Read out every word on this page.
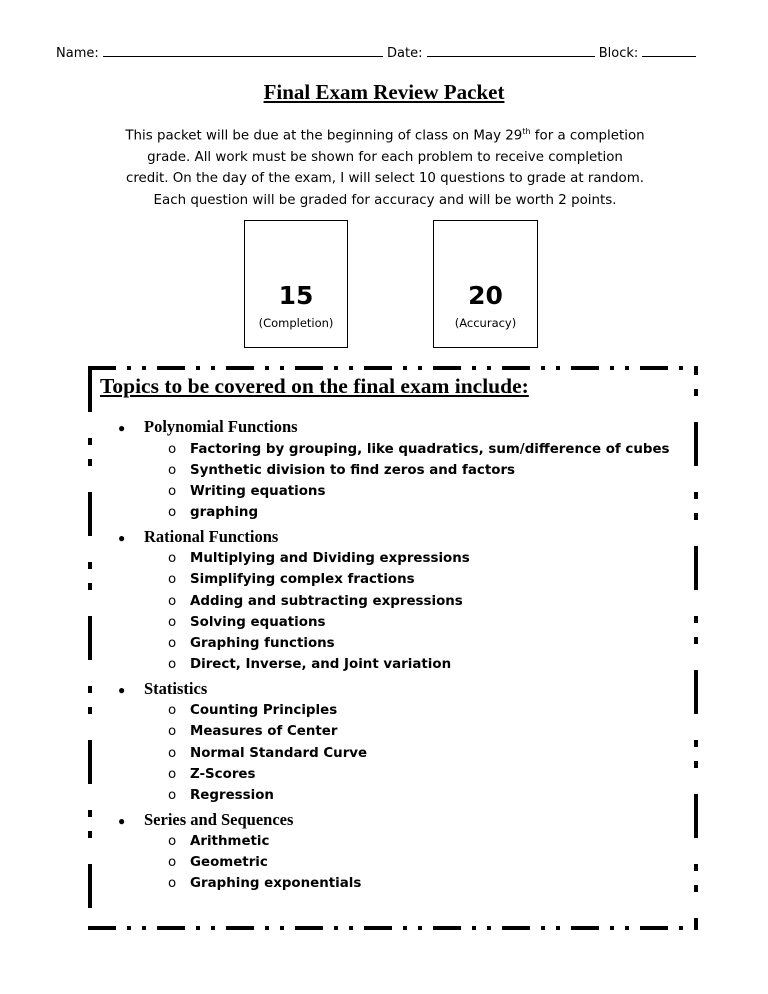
Name:	Date:	Block:
Final Exam Review Packet
This packet will be due at the beginning of class on May 29th for a completion
grade. All work must be shown for each problem to receive completion
credit. On the day of the exam, I will select 10 questions to grade at random.
Each question will be graded for accuracy and will be worth 2 points.
15
(Completion)
20
(Accuracy)
Topics to be covered on the final exam include:
● Polynomial Functions
o Factoring by grouping, like quadratics, sum/difference of cubes
o Synthetic division to find zeros and factors
o Writing equations
o graphing
● Rational Functions
o Multiplying and Dividing expressions
o Simplifying complex fractions
o Adding and subtracting expressions
o Solving equations
o Graphing functions
o Direct, Inverse, and Joint variation
● Statistics
o Counting Principles
o Measures of Center
o Normal Standard Curve
o Z-Scores
o Regression
● Series and Sequences
o Arithmetic
o Geometric
o Graphing exponentials
